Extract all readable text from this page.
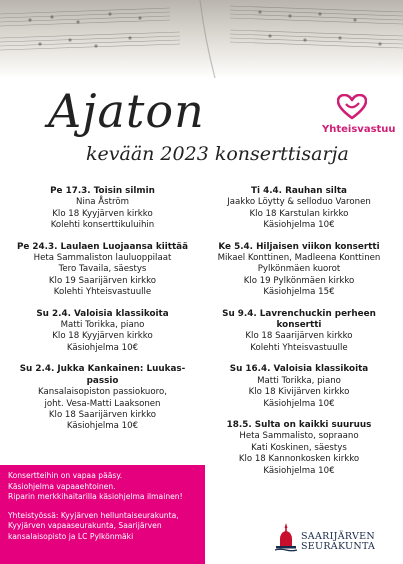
Ajaton
kevään 2023 konserttisarja
Yhteisvastuu
Pe 17.3. Toisin silmin
Nina Åström
Klo 18 Kyyjärven kirkko
Kolehti konserttikuluihin
Pe 24.3. Laulaen Luojaansa kiittää
Heta Sammaliston lauluoppilaat
Tero Tavaila, säestys
Klo 19 Saarijärven kirkko
Kolehti Yhteisvastuulle
Su 2.4. Valoisia klassikoita
Matti Torikka, piano
Klo 18 Kyyjärven kirkko
Käsiohjelma 10€
Su 2.4. Jukka Kankainen: Luukas-passio
Kansalaisopiston passiokuoro,
joht. Vesa-Matti Laaksonen
Klo 18 Saarijärven kirkko
Käsiohjelma 10€
Ti 4.4. Rauhan silta
Jaakko Löytty & selloduo Varonen
Klo 18 Karstulan kirkko
Käsiohjelma 10€
Ke 5.4. Hiljaisen viikon konsertti
Mikael Konttinen, Madleena Konttinen
Pylkönmäen kuorot
Klo 19 Pylkönmäen kirkko
Käsiohjelma 15€
Su 9.4. Lavrenchuckin perheen konsertti
Klo 18 Saarijärven kirkko
Kolehti Yhteisvastuulle
Su 16.4. Valoisia klassikoita
Matti Torikka, piano
Klo 18 Kivijärven kirkko
Käsiohjelma 10€
18.5. Sulta on kaikki suuruus
Heta Sammalisto, sopraano
Kati Koskinen, säestys
Klo 18 Kannonkosken kirkko
Käsiohjelma 10€
Konsertteihin on vapaa pääsy.
Käsiohjelma vapaaehtoinen.
Riparin merkkihaitarilla käsiohjelma ilmainen!
Yhteistyössä: Kyyjärven helluntaiseurakunta,
Kyyjärven vapaaseurakunta, Saarijärven
kansalaisopisto ja LC Pylkönmäki	SAARIJÄRVEN
SEURAKUNTA
